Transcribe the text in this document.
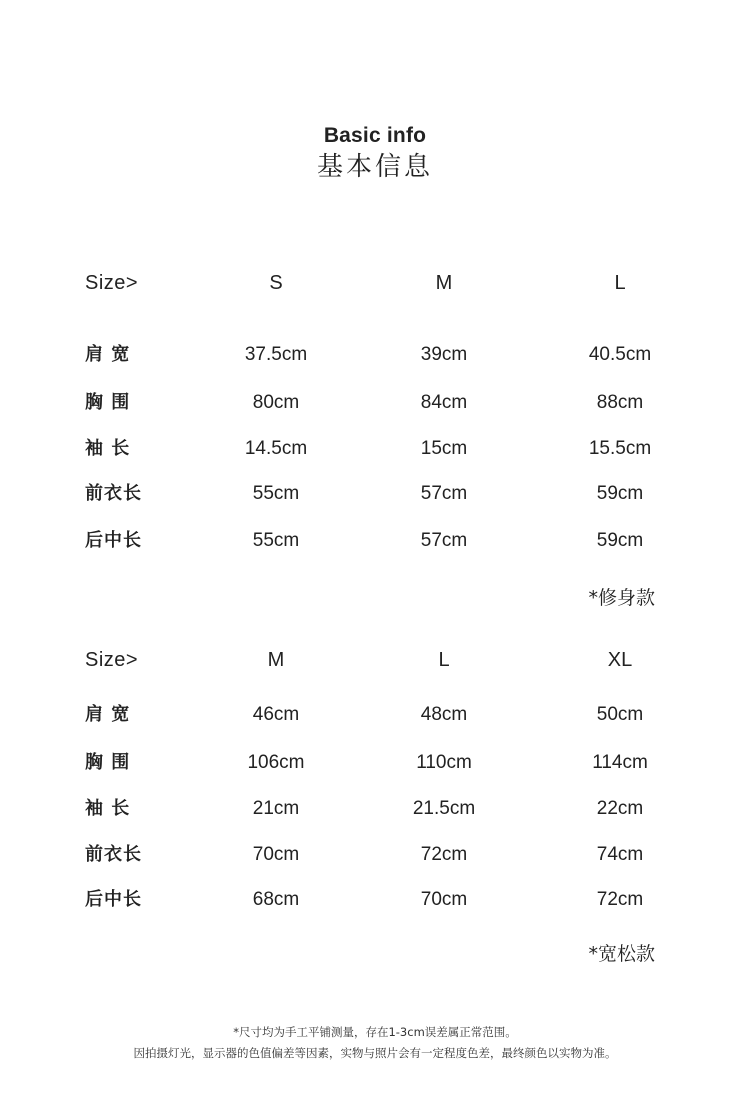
Basic info
基本信息
Size>	S	M	L
肩 宽	37.5cm	39cm	40.5cm
胸 围	80cm	84cm	88cm
袖 长	14.5cm	15cm	15.5cm
前衣长	55cm	57cm	59cm
后中长	55cm	57cm	59cm
*修身款
Size>	M	L	XL
肩 宽	46cm	48cm	50cm
胸 围	106cm	110cm	114cm
袖 长	21cm	21.5cm	22cm
前衣长	70cm	72cm	74cm
后中长	68cm	70cm	72cm
*宽松款
*尺寸均为手工平铺测量，存在1-3cm误差属正常范围。
因拍摄灯光，显示器的色值偏差等因素，实物与照片会有一定程度色差，最终颜色以实物为准。
